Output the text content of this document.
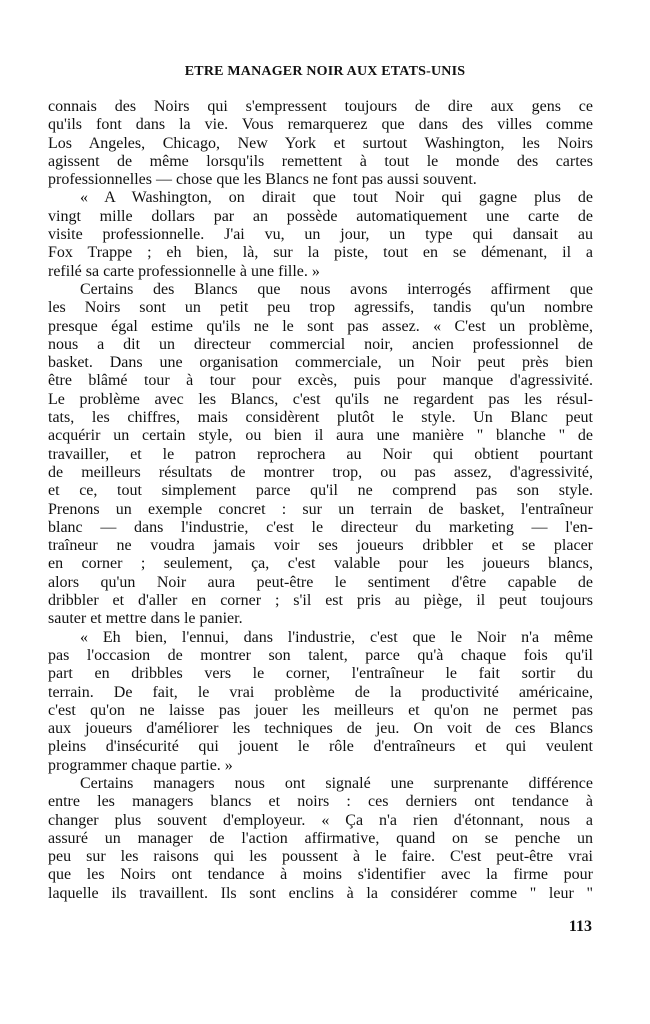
ETRE MANAGER NOIR AUX ETATS-UNIS
connais des Noirs qui s'empressent toujours de dire aux gens ce
qu'ils font dans la vie. Vous remarquerez que dans des villes comme
Los Angeles, Chicago, New York et surtout Washington, les Noirs
agissent de même lorsqu'ils remettent à tout le monde des cartes
professionnelles — chose que les Blancs ne font pas aussi souvent.
« A Washington, on dirait que tout Noir qui gagne plus de
vingt mille dollars par an possède automatiquement une carte de
visite professionnelle. J'ai vu, un jour, un type qui dansait au
Fox Trappe ; eh bien, là, sur la piste, tout en se démenant, il a
refilé sa carte professionnelle à une fille. »
Certains des Blancs que nous avons interrogés affirment que
les Noirs sont un petit peu trop agressifs, tandis qu'un nombre
presque égal estime qu'ils ne le sont pas assez. « C'est un problème,
nous a dit un directeur commercial noir, ancien professionnel de
basket. Dans une organisation commerciale, un Noir peut près bien
être blâmé tour à tour pour excès, puis pour manque d'agressivité.
Le problème avec les Blancs, c'est qu'ils ne regardent pas les résul-
tats, les chiffres, mais considèrent plutôt le style. Un Blanc peut
acquérir un certain style, ou bien il aura une manière " blanche " de
travailler, et le patron reprochera au Noir qui obtient pourtant
de meilleurs résultats de montrer trop, ou pas assez, d'agressivité,
et ce, tout simplement parce qu'il ne comprend pas son style.
Prenons un exemple concret : sur un terrain de basket, l'entraîneur
blanc — dans l'industrie, c'est le directeur du marketing — l'en-
traîneur ne voudra jamais voir ses joueurs dribbler et se placer
en corner ; seulement, ça, c'est valable pour les joueurs blancs,
alors qu'un Noir aura peut-être le sentiment d'être capable de
dribbler et d'aller en corner ; s'il est pris au piège, il peut toujours
sauter et mettre dans le panier.
« Eh bien, l'ennui, dans l'industrie, c'est que le Noir n'a même
pas l'occasion de montrer son talent, parce qu'à chaque fois qu'il
part en dribbles vers le corner, l'entraîneur le fait sortir du
terrain. De fait, le vrai problème de la productivité américaine,
c'est qu'on ne laisse pas jouer les meilleurs et qu'on ne permet pas
aux joueurs d'améliorer les techniques de jeu. On voit de ces Blancs
pleins d'insécurité qui jouent le rôle d'entraîneurs et qui veulent
programmer chaque partie. »
Certains managers nous ont signalé une surprenante différence
entre les managers blancs et noirs : ces derniers ont tendance à
changer plus souvent d'employeur. « Ça n'a rien d'étonnant, nous a
assuré un manager de l'action affirmative, quand on se penche un
peu sur les raisons qui les poussent à le faire. C'est peut-être vrai
que les Noirs ont tendance à moins s'identifier avec la firme pour
laquelle ils travaillent. Ils sont enclins à la considérer comme " leur "
113
